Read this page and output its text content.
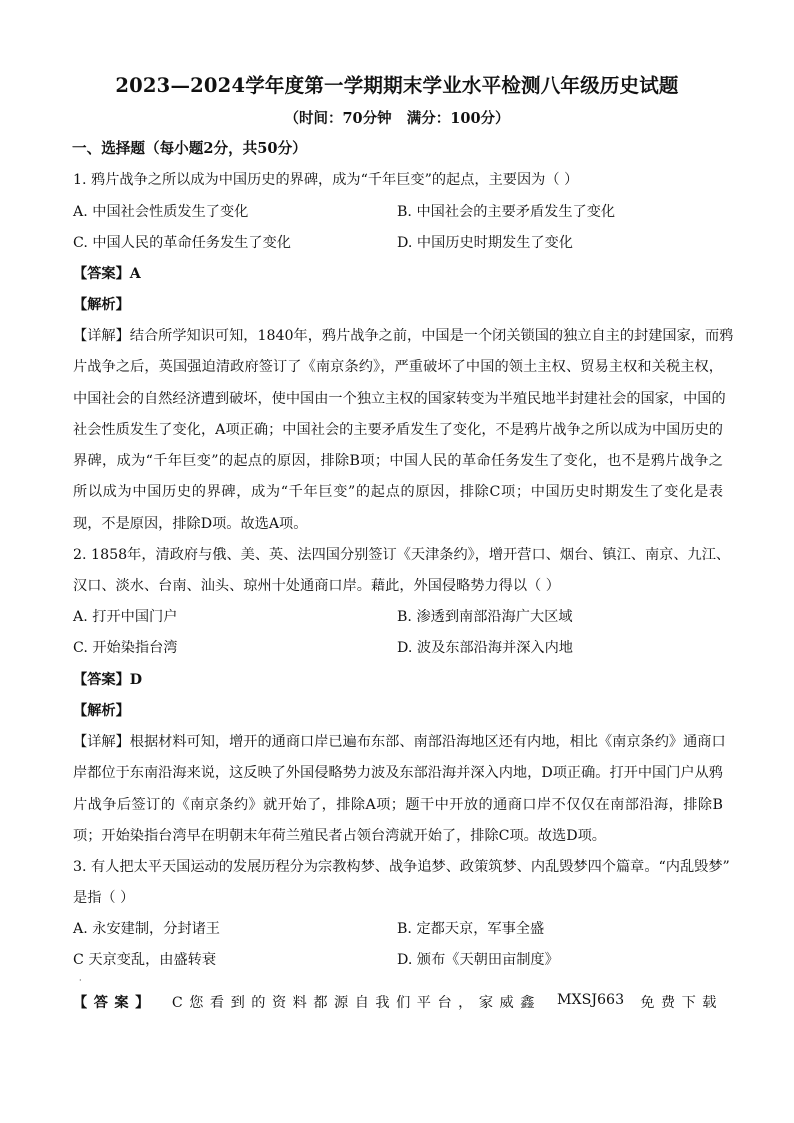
2023—2024学年度第一学期期末学业水平检测八年级历史试题
（时间：70分钟   满分：100分）
一、选择题（每小题2分，共50分）
1. 鸦片战争之所以成为中国历史的界碑，成为“千年巨变”的起点，主要因为（ ）
A. 中国社会性质发生了变化	B. 中国社会的主要矛盾发生了变化
C. 中国人民的革命任务发生了变化	D. 中国历史时期发生了变化
【答案】A
【解析】
【详解】结合所学知识可知，1840年，鸦片战争之前，中国是一个闭关锁国的独立自主的封建国家，而鸦
片战争之后，英国强迫清政府签订了《南京条约》，严重破坏了中国的领土主权、贸易主权和关税主权，
中国社会的自然经济遭到破坏，使中国由一个独立主权的国家转变为半殖民地半封建社会的国家，中国的
社会性质发生了变化，A项正确；中国社会的主要矛盾发生了变化，不是鸦片战争之所以成为中国历史的
界碑，成为“千年巨变”的起点的原因，排除B项；中国人民的革命任务发生了变化，也不是鸦片战争之
所以成为中国历史的界碑，成为“千年巨变”的起点的原因，排除C项；中国历史时期发生了变化是表
现，不是原因，排除D项。故选A项。
2. 1858年，清政府与俄、美、英、法四国分别签订《天津条约》，增开营口、烟台、镇江、南京、九江、
汉口、淡水、台南、汕头、琼州十处通商口岸。藉此，外国侵略势力得以（ ）
A. 打开中国门户	B. 渗透到南部沿海广大区域
C. 开始染指台湾	D. 波及东部沿海并深入内地
【答案】D
【解析】
【详解】根据材料可知，增开的通商口岸已遍布东部、南部沿海地区还有内地，相比《南京条约》通商口
岸都位于东南沿海来说，这反映了外国侵略势力波及东部沿海并深入内地，D项正确。打开中国门户从鸦
片战争后签订的《南京条约》就开始了，排除A项；题干中开放的通商口岸不仅仅在南部沿海，排除B
项；开始染指台湾早在明朝末年荷兰殖民者占领台湾就开始了，排除C项。故选D项。
3. 有人把太平天国运动的发展历程分为宗教构梦、战争追梦、政策筑梦、内乱毁梦四个篇章。“内乱毁梦”
是指（ ）
A. 永安建制，分封诸王	B. 定都天京，军事全盛
C 天京变乱，由盛转衰	D. 颁布《天朝田亩制度》
·
【答案】 C您看到的资料都源自我们平台，家威鑫 MXSJ663 免费下载
